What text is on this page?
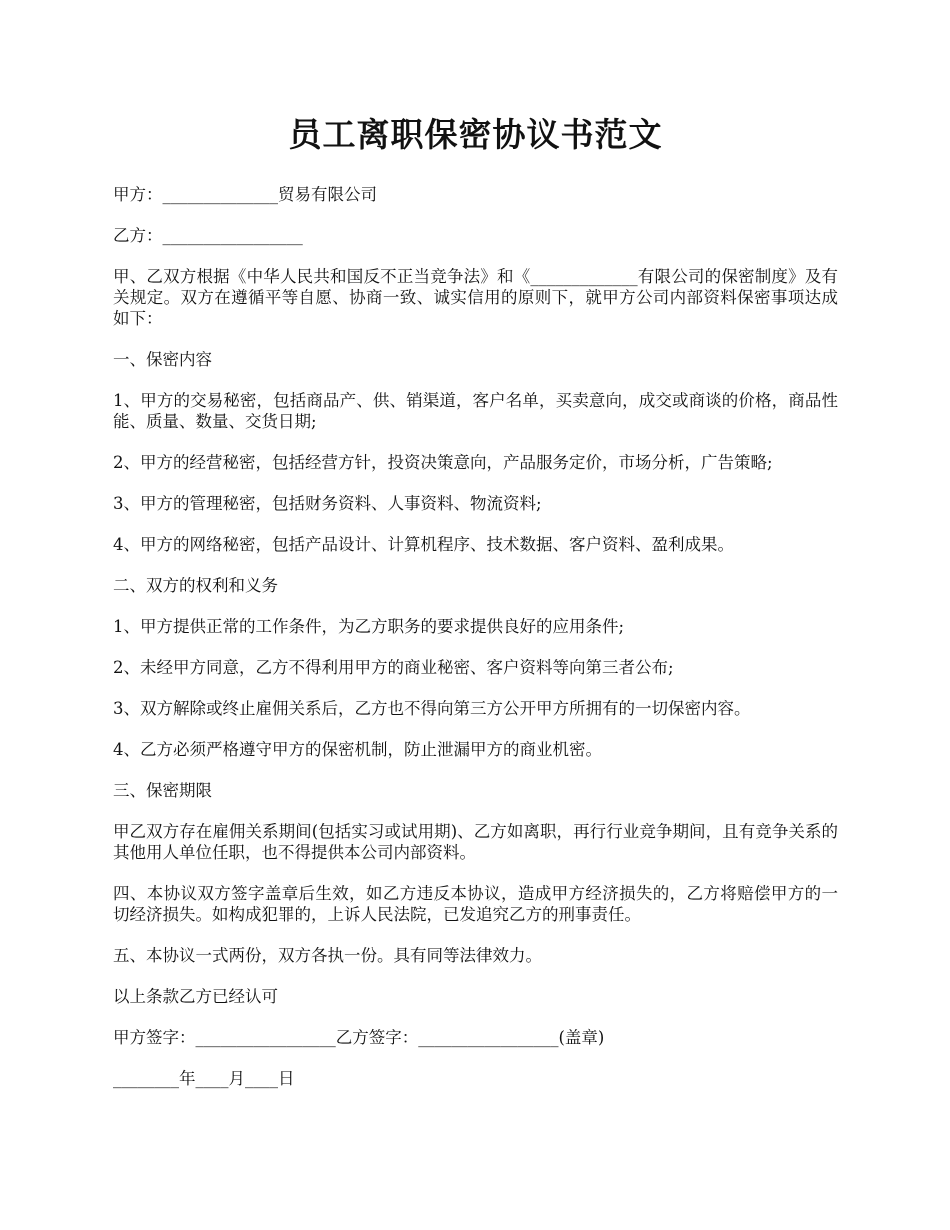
员工离职保密协议书范文

甲方：______________贸易有限公司

乙方：_________________

甲、乙双方根据《中华人民共和国反不正当竞争法》和《_____________有限公司的保密制度》及有关规定。双方在遵循平等自愿、协商一致、诚实信用的原则下，就甲方公司内部资料保密事项达成如下：

一、保密内容

1、甲方的交易秘密，包括商品产、供、销渠道，客户名单，买卖意向，成交或商谈的价格，商品性能、质量、数量、交货日期;

2、甲方的经营秘密，包括经营方针，投资决策意向，产品服务定价，市场分析，广告策略;

3、甲方的管理秘密，包括财务资料、人事资料、物流资料;

4、甲方的网络秘密，包括产品设计、计算机程序、技术数据、客户资料、盈利成果。

二、双方的权利和义务

1、甲方提供正常的工作条件，为乙方职务的要求提供良好的应用条件;

2、未经甲方同意，乙方不得利用甲方的商业秘密、客户资料等向第三者公布;

3、双方解除或终止雇佣关系后，乙方也不得向第三方公开甲方所拥有的一切保密内容。

4、乙方必须严格遵守甲方的保密机制，防止泄漏甲方的商业机密。

三、保密期限

甲乙双方存在雇佣关系期间(包括实习或试用期)、乙方如离职，再行行业竞争期间，且有竞争关系的其他用人单位任职，也不得提供本公司内部资料。

四、本协议双方签字盖章后生效，如乙方违反本协议，造成甲方经济损失的，乙方将赔偿甲方的一切经济损失。如构成犯罪的，上诉人民法院，已发追究乙方的刑事责任。

五、本协议一式两份，双方各执一份。具有同等法律效力。

以上条款乙方已经认可

甲方签字：_________________乙方签字：_________________(盖章)

________年____月____日
